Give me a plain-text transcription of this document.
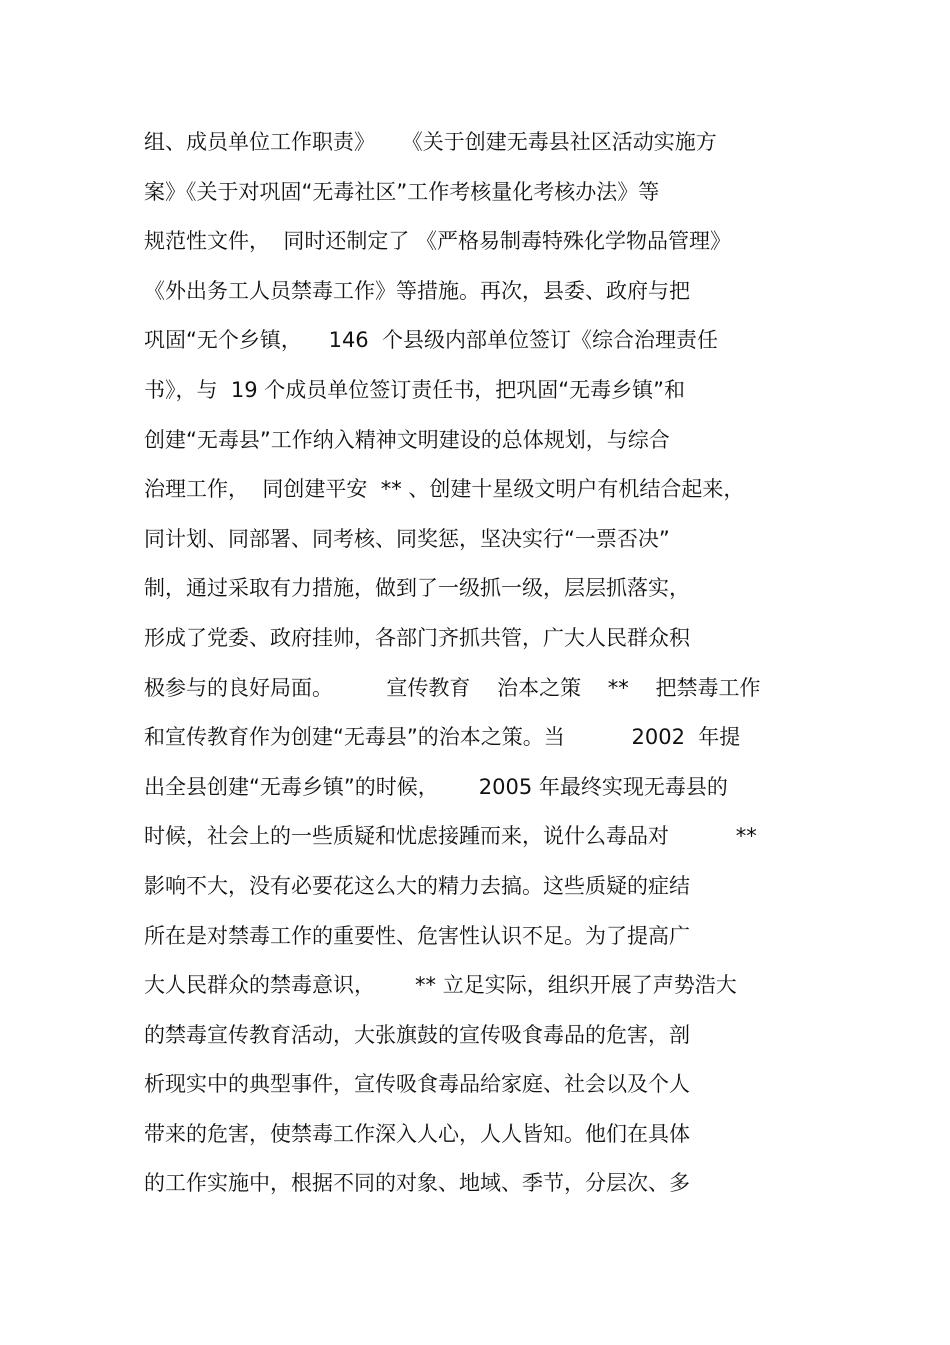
组、成员单位工作职责》    《关于创建无毒县社区活动实施方
案》《关于对巩固“无毒社区”工作考核量化考核办法》等
规范性文件，  同时还制定了 《严格易制毒特殊化学物品管理》
《外出务工人员禁毒工作》等措施。再次，县委、政府与把
巩固“无个乡镇，    146  个县级内部单位签订《综合治理责任
书》，与  19 个成员单位签订责任书，把巩固“无毒乡镇”和
创建“无毒县”工作纳入精神文明建设的总体规划，与综合
治理工作，  同创建平安  ** 、创建十星级文明户有机结合起来，
同计划、同部署、同考核、同奖惩，坚决实行“一票否决”
制，通过采取有力措施，做到了一级抓一级，层层抓落实，
形成了党委、政府挂帅，各部门齐抓共管，广大人民群众积
极参与的良好局面。        宣传教育    治本之策    **    把禁毒工作
和宣传教育作为创建“无毒县”的治本之策。当          2002  年提
出全县创建“无毒乡镇”的时候，      2005 年最终实现无毒县的
时候，社会上的一些质疑和忧虑接踵而来，说什么毒品对          **
影响不大，没有必要花这么大的精力去搞。这些质疑的症结
所在是对禁毒工作的重要性、危害性认识不足。为了提高广
大人民群众的禁毒意识，      ** 立足实际，组织开展了声势浩大
的禁毒宣传教育活动，大张旗鼓的宣传吸食毒品的危害，剖
析现实中的典型事件，宣传吸食毒品给家庭、社会以及个人
带来的危害，使禁毒工作深入人心，人人皆知。他们在具体
的工作实施中，根据不同的对象、地域、季节，分层次、多
